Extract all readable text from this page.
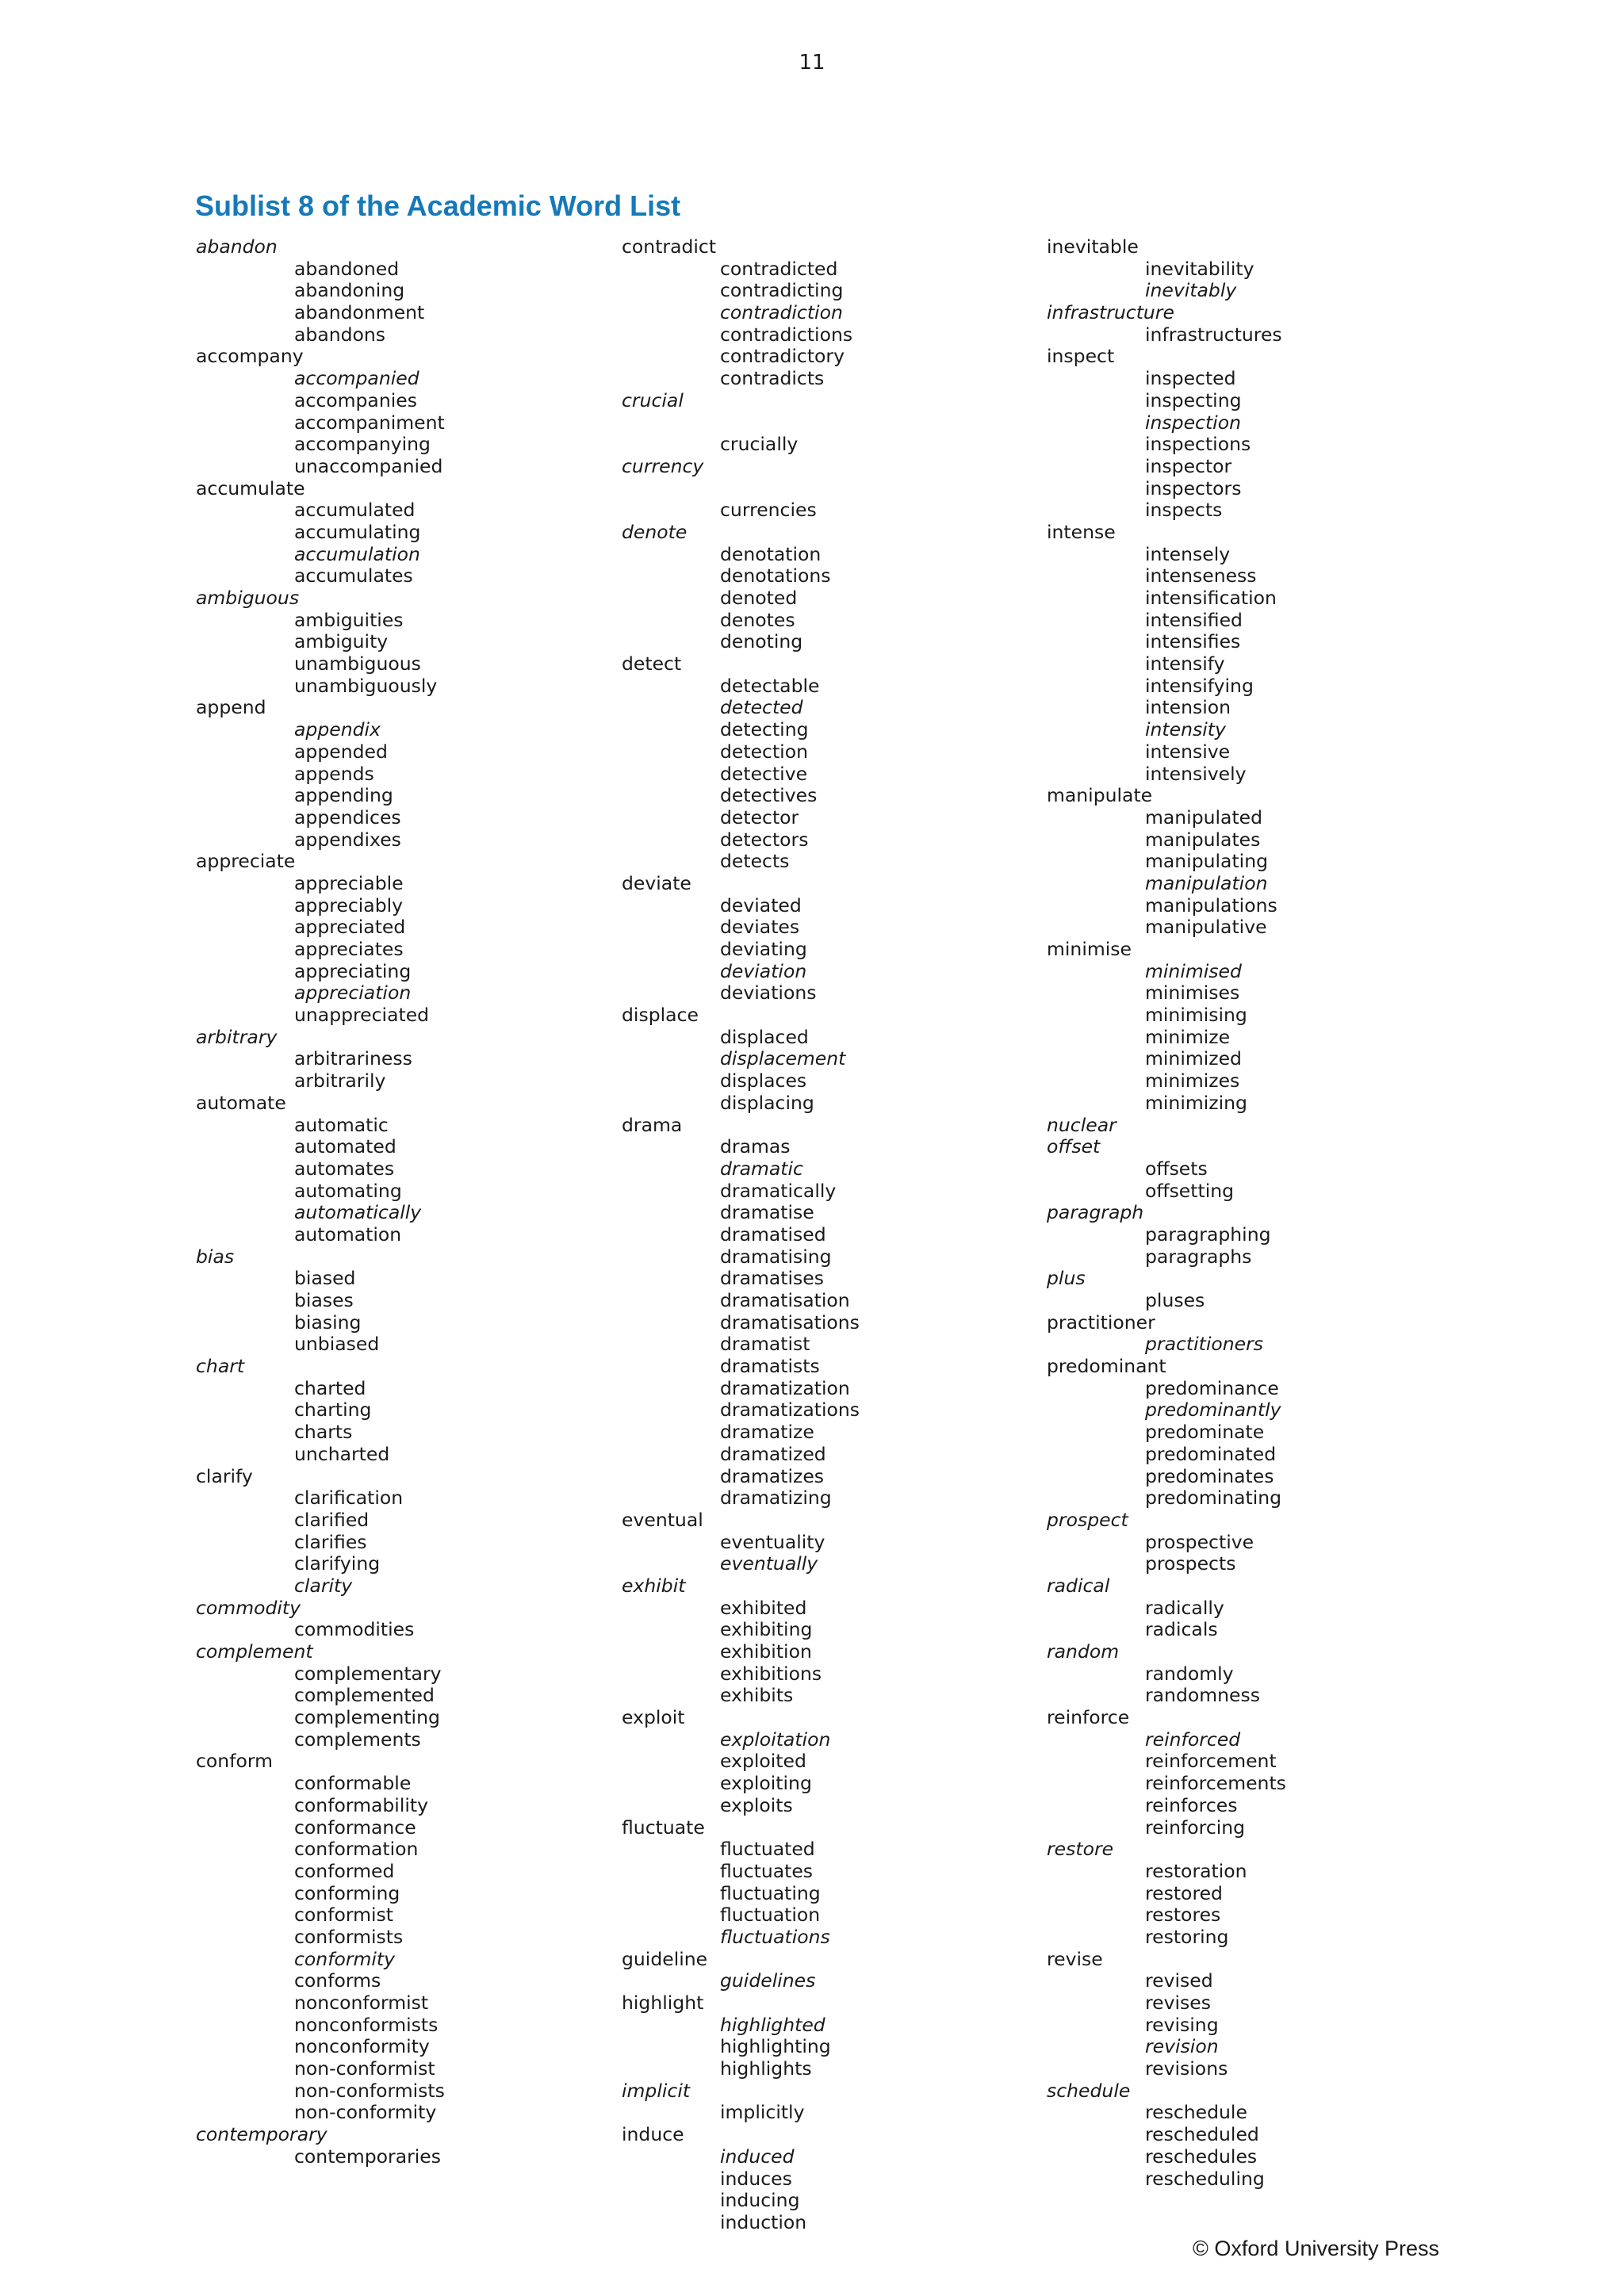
11
Sublist 8 of the Academic Word List
abandon
abandoned
abandoning
abandonment
abandons
accompany
accompanied
accompanies
accompaniment
accompanying
unaccompanied
accumulate
accumulated
accumulating
accumulation
accumulates
ambiguous
ambiguities
ambiguity
unambiguous
unambiguously
append
appendix
appended
appends
appending
appendices
appendixes
appreciate
appreciable
appreciably
appreciated
appreciates
appreciating
appreciation
unappreciated
arbitrary
arbitrariness
arbitrarily
automate
automatic
automated
automates
automating
automatically
automation
bias
biased
biases
biasing
unbiased
chart
charted
charting
charts
uncharted
clarify
clarification
clarified
clarifies
clarifying
clarity
commodity
commodities
complement
complementary
complemented
complementing
complements
conform
conformable
conformability
conformance
conformation
conformed
conforming
conformist
conformists
conformity
conforms
nonconformist
nonconformists
nonconformity
non-conformist
non-conformists
non-conformity
contemporary
contemporaries
contradict
contradicted
contradicting
contradiction
contradictions
contradictory
contradicts
crucial
crucially
currency
currencies
denote
denotation
denotations
denoted
denotes
denoting
detect
detectable
detected
detecting
detection
detective
detectives
detector
detectors
detects
deviate
deviated
deviates
deviating
deviation
deviations
displace
displaced
displacement
displaces
displacing
drama
dramas
dramatic
dramatically
dramatise
dramatised
dramatising
dramatises
dramatisation
dramatisations
dramatist
dramatists
dramatization
dramatizations
dramatize
dramatized
dramatizes
dramatizing
eventual
eventuality
eventually
exhibit
exhibited
exhibiting
exhibition
exhibitions
exhibits
exploit
exploitation
exploited
exploiting
exploits
fluctuate
fluctuated
fluctuates
fluctuating
fluctuation
fluctuations
guideline
guidelines
highlight
highlighted
highlighting
highlights
implicit
implicitly
induce
induced
induces
inducing
induction
inevitable
inevitability
inevitably
infrastructure
infrastructures
inspect
inspected
inspecting
inspection
inspections
inspector
inspectors
inspects
intense
intensely
intenseness
intensification
intensified
intensifies
intensify
intensifying
intension
intensity
intensive
intensively
manipulate
manipulated
manipulates
manipulating
manipulation
manipulations
manipulative
minimise
minimised
minimises
minimising
minimize
minimized
minimizes
minimizing
nuclear
offset
offsets
offsetting
paragraph
paragraphing
paragraphs
plus
pluses
practitioner
practitioners
predominant
predominance
predominantly
predominate
predominated
predominates
predominating
prospect
prospective
prospects
radical
radically
radicals
random
randomly
randomness
reinforce
reinforced
reinforcement
reinforcements
reinforces
reinforcing
restore
restoration
restored
restores
restoring
revise
revised
revises
revising
revision
revisions
schedule
reschedule
rescheduled
reschedules
rescheduling
© Oxford University Press
